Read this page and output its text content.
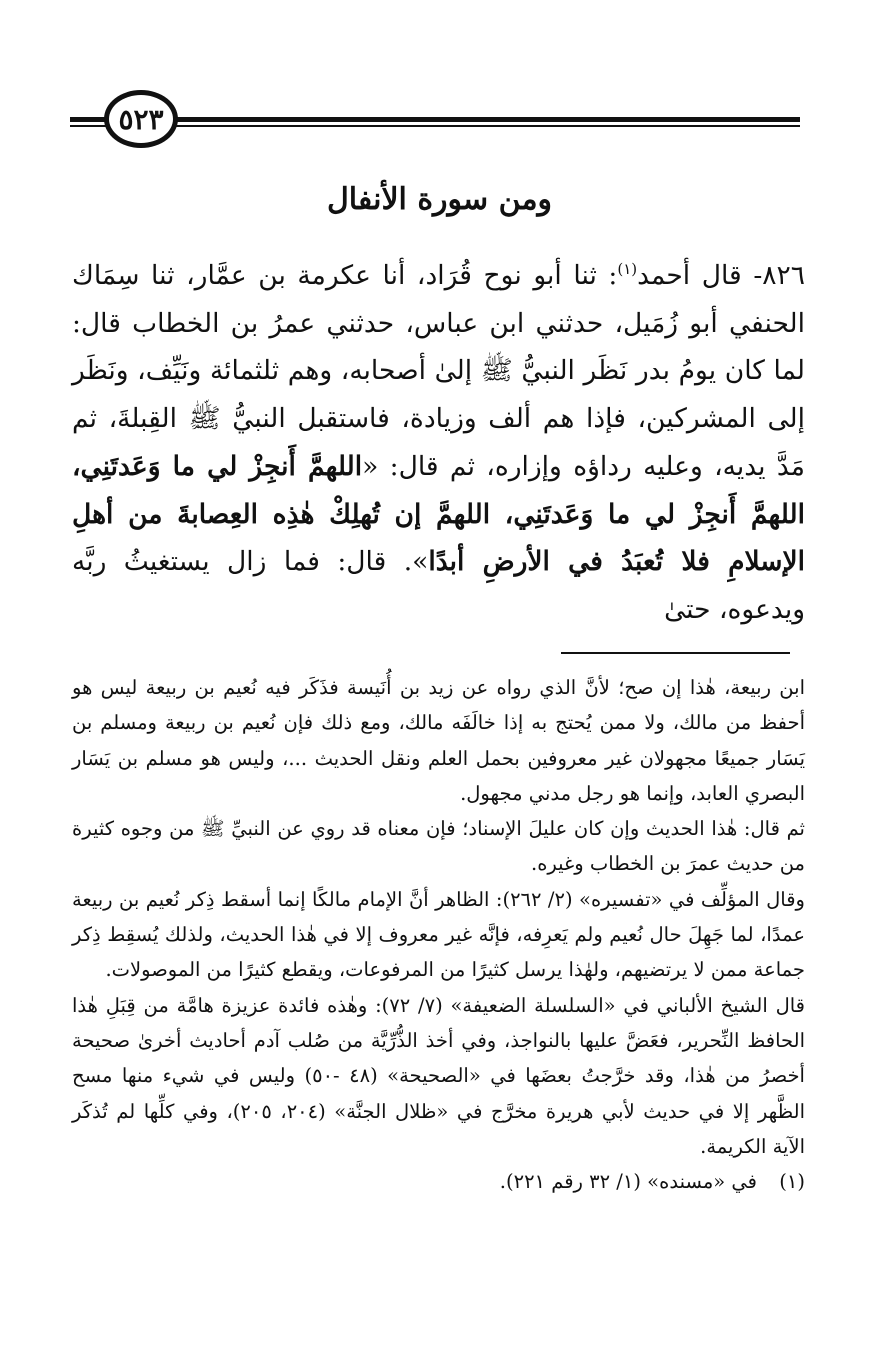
٥٢٣
ومن سورة الأنفال

٨٢٦- قال أحمد$^{(١)}$: ثنا أبو نوح قُرَاد، أنا عكرمة بن عمَّار، ثنا سِمَاك الحنفي أبو زُمَيل، حدثني ابن عباس، حدثني عمرُ بن الخطاب قال: لما كان يومُ بدر نَظَر النبيُّ ﷺ إلىٰ أصحابه، وهم ثلثمائة ونَيِّف، ونَظَر إلى المشركين، فإذا هم ألف وزيادة، فاستقبل النبيُّ ﷺ القِبلةَ، ثم مَدَّ يديه، وعليه رداؤه وإزاره، ثم قال: «اللهمَّ أَنجِزْ لي ما وَعَدتَنِي، اللهمَّ أَنجِزْ لي ما وَعَدتَنِي، اللهمَّ إن تُهلِكْ هٰذِه العِصابةَ من أهلِ الإسلامِ فلا تُعبَدُ في الأرضِ أبدًا». قال: فما زال يستغيثُ ربَّه ويدعوه، حتىٰ

ابن ربيعة، هٰذا إن صح؛ لأنَّ الذي رواه عن زيد بن أُنَيسة فذَكَر فيه نُعيم بن ربيعة ليس هو أحفظ من مالك، ولا ممن يُحتج به إذا خالَفَه مالك، ومع ذلك فإن نُعيم بن ربيعة ومسلم بن يَسَار جميعًا مجهولان غير معروفين بحمل العلم ونقل الحديث ...، وليس هو مسلم بن يَسَار البصري العابد، وإنما هو رجل مدني مجهول.

ثم قال: هٰذا الحديث وإن كان عليلَ الإسناد؛ فإن معناه قد روي عن النبيِّ ﷺ من وجوه كثيرة من حديث عمرَ بن الخطاب وغيره.

وقال المؤلِّف في «تفسيره» (٢/ ٢٦٢): الظاهر أنَّ الإمام مالكًا إنما أسقط ذِكر نُعيم بن ربيعة عمدًا، لما جَهِلَ حال نُعيم ولم يَعرِفه، فإنَّه غير معروف إلا في هٰذا الحديث، ولذلك يُسقِط ذِكر جماعة ممن لا يرتضيهم، ولهٰذا يرسل كثيرًا من المرفوعات، ويقطع كثيرًا من الموصولات.

قال الشيخ الألباني في «السلسلة الضعيفة» (٧/ ٧٢): وهٰذه فائدة عزيزة هامَّة من قِبَلِ هٰذا الحافظ النِّحرير، فعَضَّ عليها بالنواجذ، وفي أخذ الذُّرِّيَّة من صُلب آدم أحاديث أخرىٰ صحيحة أخصرُ من هٰذا، وقد خرَّجتُ بعضَها في «الصحيحة» (٤٨ -٥٠) وليس في شيء منها مسح الظَّهر إلا في حديث لأبي هريرة مخرَّج في «ظلال الجنَّة» (٢٠٤، ٢٠٥)، وفي كلِّها لم تُذكَر الآية الكريمة.

(١)في «مسنده» (١/ ٣٢ رقم ٢٢١).
